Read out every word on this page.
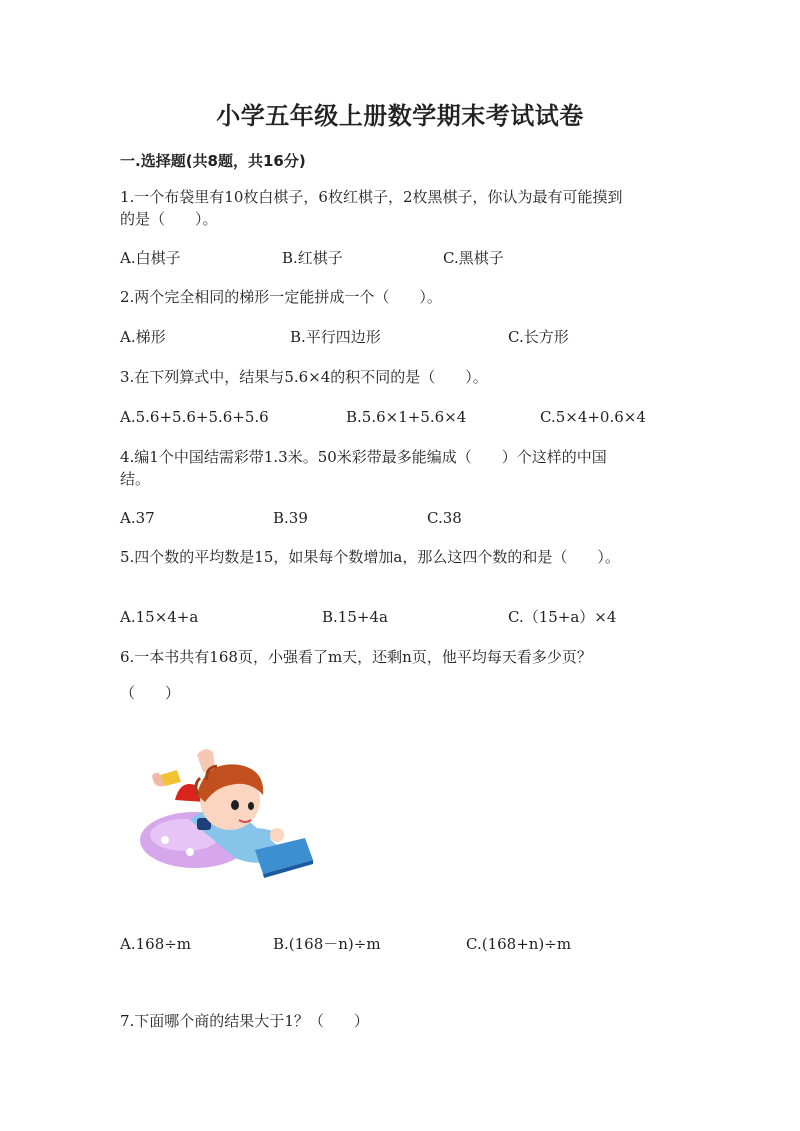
小学五年级上册数学期末考试试卷
一.选择题(共8题，共16分)
1.一个布袋里有10枚白棋子，6枚红棋子，2枚黑棋子，你认为最有可能摸到
的是（　　）。
A.白棋子	B.红棋子	C.黑棋子
2.两个完全相同的梯形一定能拼成一个（　　）。
A.梯形	B.平行四边形	C.长方形
3.在下列算式中，结果与5.6×4的积不同的是（　　）。
A.5.6+5.6+5.6+5.6	B.5.6×1+5.6×4	C.5×4+0.6×4
4.编1个中国结需彩带1.3米。50米彩带最多能编成（　　）个这样的中国
结。
A.37	B.39	C.38
5.四个数的平均数是15，如果每个数增加a，那么这四个数的和是（　　）。
A.15×4+a	B.15+4a	C.（15+a）×4
6.一本书共有168页，小强看了m天，还剩n页，他平均每天看多少页？
（　　）
A.168÷m	B.(168－n)÷m	C.(168+n)÷m
7.下面哪个商的结果大于1？（　　）
